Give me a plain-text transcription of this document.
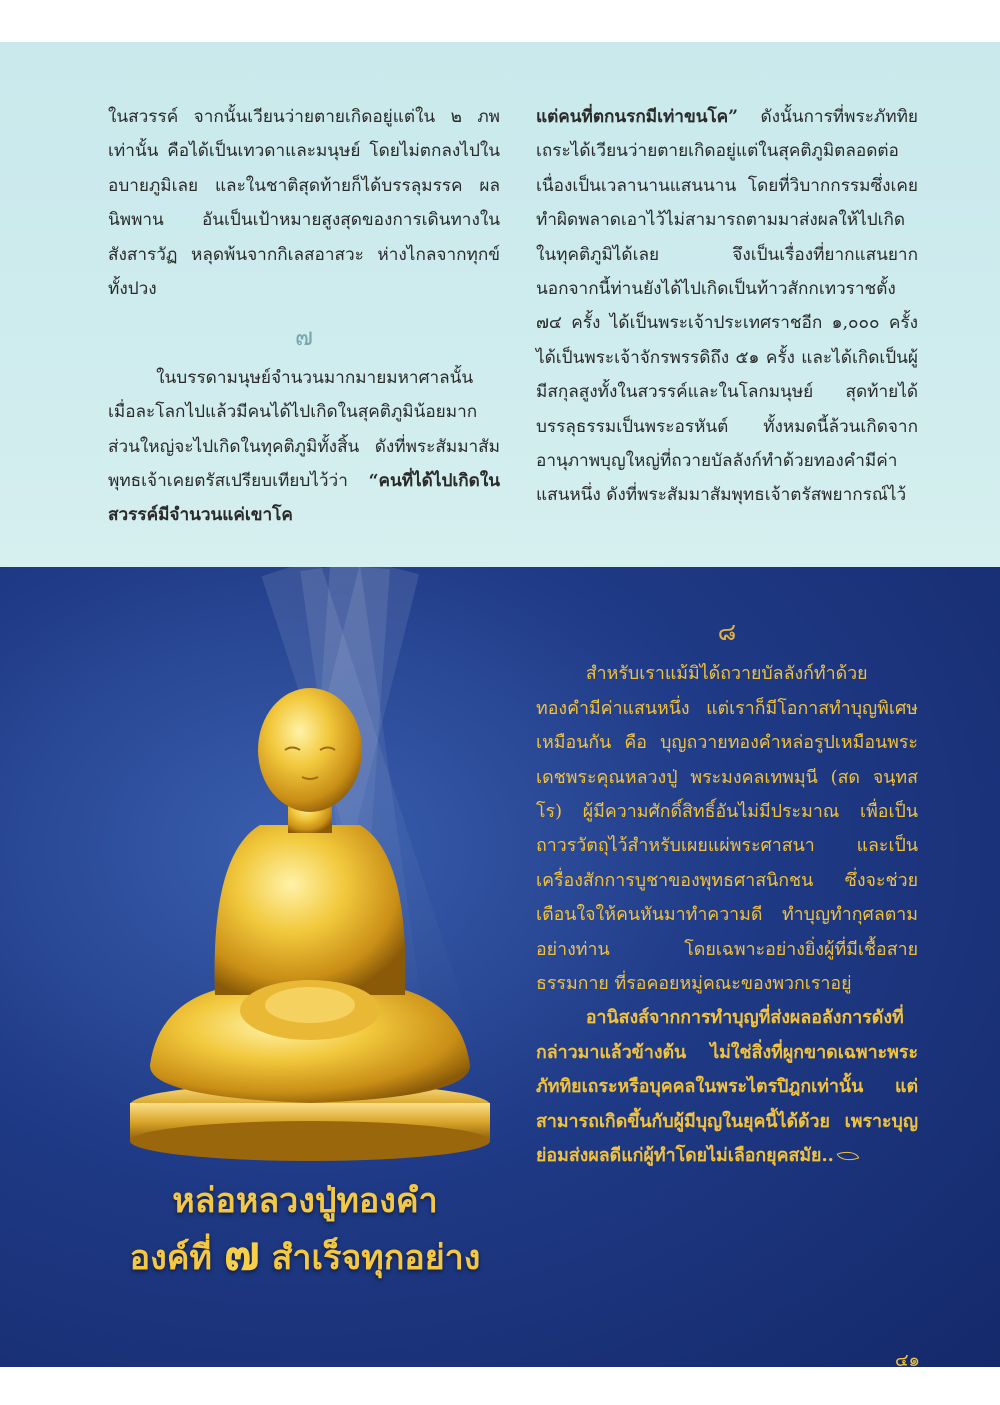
ในสวรรค์ จากนั้นเวียนว่ายตายเกิดอยู่แต่ใน ๒ ภพเท่านั้น คือได้เป็นเทวดาและมนุษย์ โดยไม่ตกลงไปในอบายภูมิเลย และในชาติสุดท้ายก็ได้บรรลุมรรค ผล นิพพาน อันเป็นเป้าหมายสูงสุดของการเดินทางในสังสารวัฏ หลุดพ้นจากกิเลสอาสวะ ห่างไกลจากทุกข์ทั้งปวง

๗

ในบรรดามนุษย์จำนวนมากมายมหาศาลนั้น เมื่อละโลกไปแล้วมีคนได้ไปเกิดในสุคติภูมิน้อยมาก ส่วนใหญ่จะไปเกิดในทุคติภูมิทั้งสิ้น ดังที่พระสัมมาสัมพุทธเจ้าเคยตรัสเปรียบเทียบไว้ว่า “คนที่ได้ไปเกิดในสวรรค์มีจำนวนแค่เขาโค

แต่คนที่ตกนรกมีเท่าขนโค” ดังนั้นการที่พระภัททิยเถระได้เวียนว่ายตายเกิดอยู่แต่ในสุคติภูมิตลอดต่อเนื่องเป็นเวลานานแสนนาน โดยที่วิบากกรรมซึ่งเคยทำผิดพลาดเอาไว้ไม่สามารถตามมาส่งผลให้ไปเกิดในทุคติภูมิได้เลย จึงเป็นเรื่องที่ยากแสนยาก นอกจากนี้ท่านยังได้ไปเกิดเป็นท้าวสักกเทวราชตั้ง ๗๔ ครั้ง ได้เป็นพระเจ้าประเทศราชอีก ๑,๐๐๐ ครั้ง ได้เป็นพระเจ้าจักรพรรดิถึง ๕๑ ครั้ง และได้เกิดเป็นผู้มีสกุลสูงทั้งในสวรรค์และในโลกมนุษย์ สุดท้ายได้บรรลุธรรมเป็นพระอรหันต์ ทั้งหมดนี้ล้วนเกิดจากอานุภาพบุญใหญ่ที่ถวายบัลลังก์ทำด้วยทองคำมีค่าแสนหนึ่ง ดังที่พระสัมมาสัมพุทธเจ้าตรัสพยากรณ์ไว้

๘

สำหรับเราแม้มิได้ถวายบัลลังก์ทำด้วยทองคำมีค่าแสนหนึ่ง แต่เราก็มีโอกาสทำบุญพิเศษเหมือนกัน คือ บุญถวายทองคำหล่อรูปเหมือนพระเดชพระคุณหลวงปู่ พระมงคลเทพมุนี (สด จนฺทสโร) ผู้มีความศักดิ์สิทธิ์อันไม่มีประมาณ เพื่อเป็นถาวรวัตถุไว้สำหรับเผยแผ่พระศาสนา และเป็นเครื่องสักการบูชาของพุทธศาสนิกชน ซึ่งจะช่วยเตือนใจให้คนหันมาทำความดี ทำบุญทำกุศลตามอย่างท่าน โดยเฉพาะอย่างยิ่งผู้ที่มีเชื้อสายธรรมกาย ที่รอคอยหมู่คณะของพวกเราอยู่

อานิสงส์จากการทำบุญที่ส่งผลอลังการดังที่กล่าวมาแล้วข้างต้น ไม่ใช่สิ่งที่ผูกขาดเฉพาะพระภัททิยเถระหรือบุคคลในพระไตรปิฎกเท่านั้น แต่สามารถเกิดขึ้นกับผู้มีบุญในยุคนี้ได้ด้วย เพราะบุญย่อมส่งผลดีแก่ผู้ทำโดยไม่เลือกยุคสมัย..

หล่อหลวงปู่ทองคำ
องค์ที่ ๗ สำเร็จทุกอย่าง
๔๑
